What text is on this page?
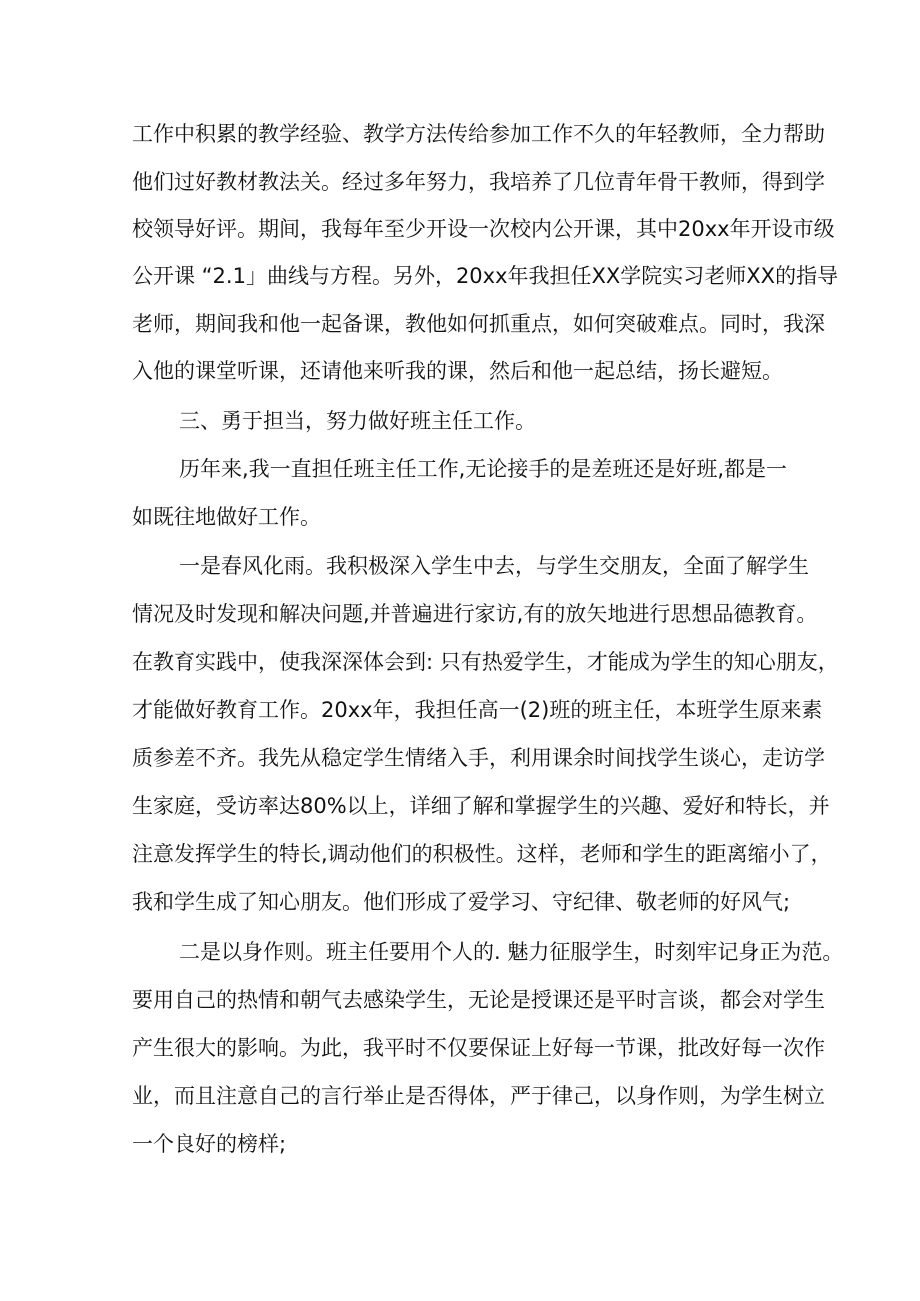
工作中积累的教学经验、教学方法传给参加工作不久的年轻教师，全力帮助
他们过好教材教法关。经过多年努力，我培养了几位青年骨干教师，得到学
校领导好评。期间，我每年至少开设一次校内公开课，其中20xx年开设市级
公开课 “2.1」曲线与方程。另外，20xx年我担任XX学院实习老师XX的指导
老师，期间我和他一起备课，教他如何抓重点，如何突破难点。同时，我深
入他的课堂听课，还请他来听我的课，然后和他一起总结，扬长避短。
三、勇于担当，努力做好班主任工作。
历年来,我一直担任班主任工作,无论接手的是差班还是好班,都是一
如既往地做好工作。
一是春风化雨。我积极深入学生中去，与学生交朋友，全面了解学生
情况及时发现和解决问题,并普遍进行家访,有的放矢地进行思想品德教育。
在教育实践中，使我深深体会到: 只有热爱学生，才能成为学生的知心朋友，
才能做好教育工作。20xx年，我担任高一(2)班的班主任，本班学生原来素
质参差不齐。我先从稳定学生情绪入手，利用课余时间找学生谈心，走访学
生家庭，受访率达80%以上，详细了解和掌握学生的兴趣、爱好和特长，并
注意发挥学生的特长,调动他们的积极性。这样，老师和学生的距离缩小了，
我和学生成了知心朋友。他们形成了爱学习、守纪律、敬老师的好风气;
二是以身作则。班主任要用个人的. 魅力征服学生，时刻牢记身正为范。
要用自己的热情和朝气去感染学生，无论是授课还是平时言谈，都会对学生
产生很大的影响。为此，我平时不仅要保证上好每一节课，批改好每一次作
业，而且注意自己的言行举止是否得体，严于律己，以身作则，为学生树立
一个良好的榜样;
